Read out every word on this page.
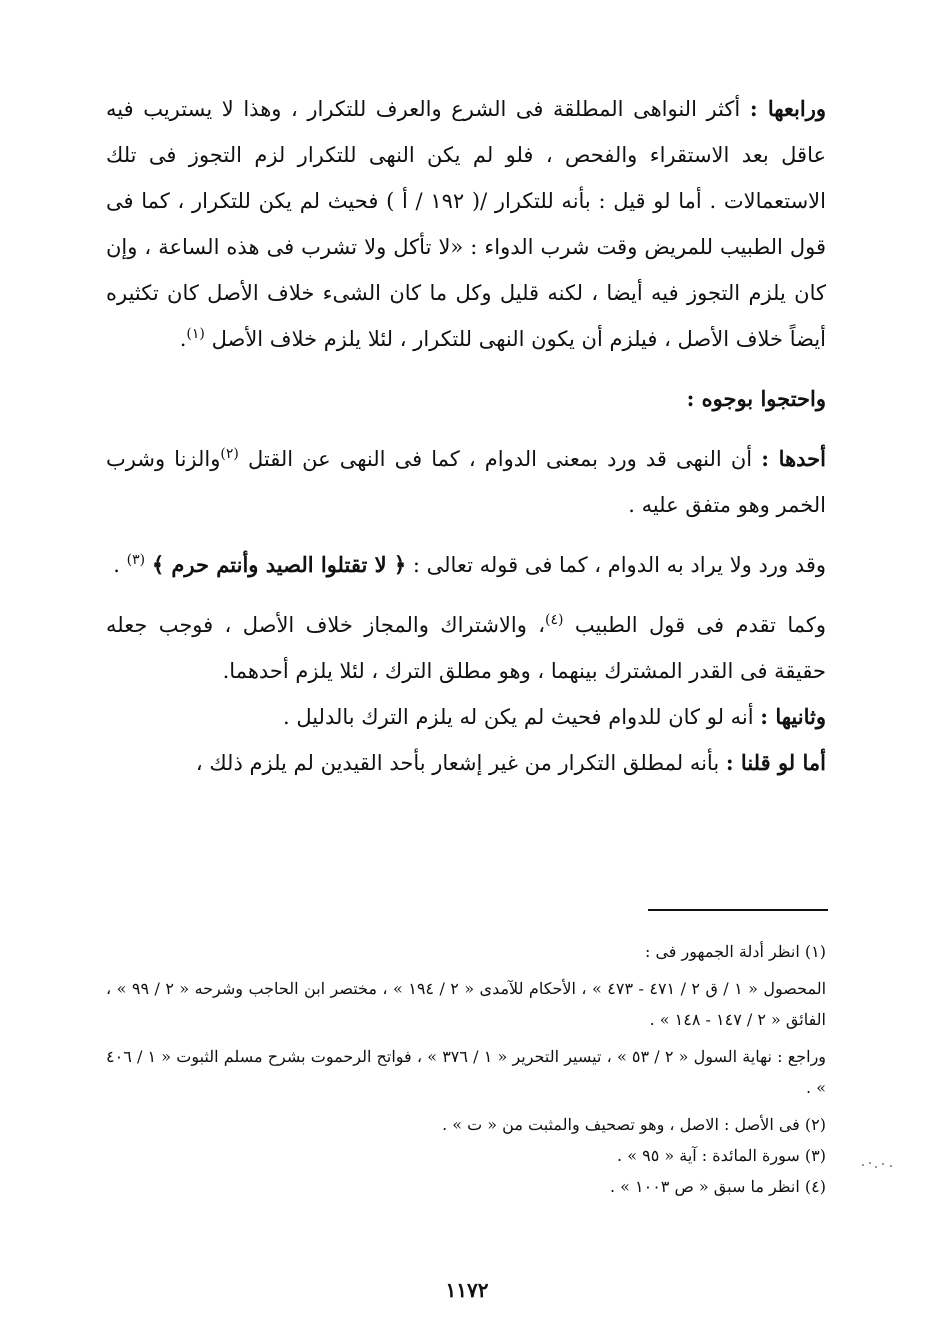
ورابعها : أكثر النواهى المطلقة فى الشرع والعرف للتكرار ، وهذا لا يستريب فيه عاقل بعد الاستقراء والفحص ، فلو لم يكن النهى للتكرار لزم التجوز فى تلك الاستعمالات . أما لو قيل : بأنه للتكرار /( ١٩٢ / أ ) فحيث لم يكن للتكرار ، كما فى قول الطبيب للمريض وقت شرب الدواء : «لا تأكل ولا تشرب فى هذه الساعة ، وإن كان يلزم التجوز فيه أيضا ، لكنه قليل وكل ما كان الشىء خلاف الأصل كان تكثيره أيضاً خلاف الأصل ، فيلزم أن يكون النهى للتكرار ، لئلا يلزم خلاف الأصل $^{(١)}$.

واحتجوا بوجوه :

أحدها : أن النهى قد ورد بمعنى الدوام ، كما فى النهى عن القتل $^{(٢)}$والزنا وشرب الخمر وهو متفق عليه .

وقد ورد ولا يراد به الدوام ، كما فى قوله تعالى : ﴿ لا تقتلوا الصيد وأنتم حرم ﴾ $^{(٣)}$ .

وكما تقدم فى قول الطبيب $^{(٤)}$، والاشتراك والمجاز خلاف الأصل ، فوجب جعله حقيقة فى القدر المشترك بينهما ، وهو مطلق الترك ، لئلا يلزم أحدهما.

وثانيها : أنه لو كان للدوام فحيث لم يكن له يلزم الترك بالدليل .

أما لو قلنا : بأنه لمطلق التكرار من غير إشعار بأحد القيدين لم يلزم ذلك ،

(١) انظر أدلة الجمهور فى :

المحصول « ١ / ق ٢ / ٤٧١ - ٤٧٣ » ، الأحكام للآمدى « ٢ / ١٩٤ » ، مختصر ابن الحاجب وشرحه « ٢ / ٩٩ » ، الفائق « ٢ / ١٤٧ - ١٤٨ » .

وراجع : نهاية السول « ٢ / ٥٣ » ، تيسير التحرير « ١ / ٣٧٦ » ، فواتح الرحموت بشرح مسلم الثبوت « ١ / ٤٠٦ » .

(٢) فى الأصل : الاصل ، وهو تصحيف والمثبت من « ت » .

(٣) سورة المائدة : آية « ٩٥ » .

(٤) انظر ما سبق « ص ١٠٠٣ » .

١١٧٢
